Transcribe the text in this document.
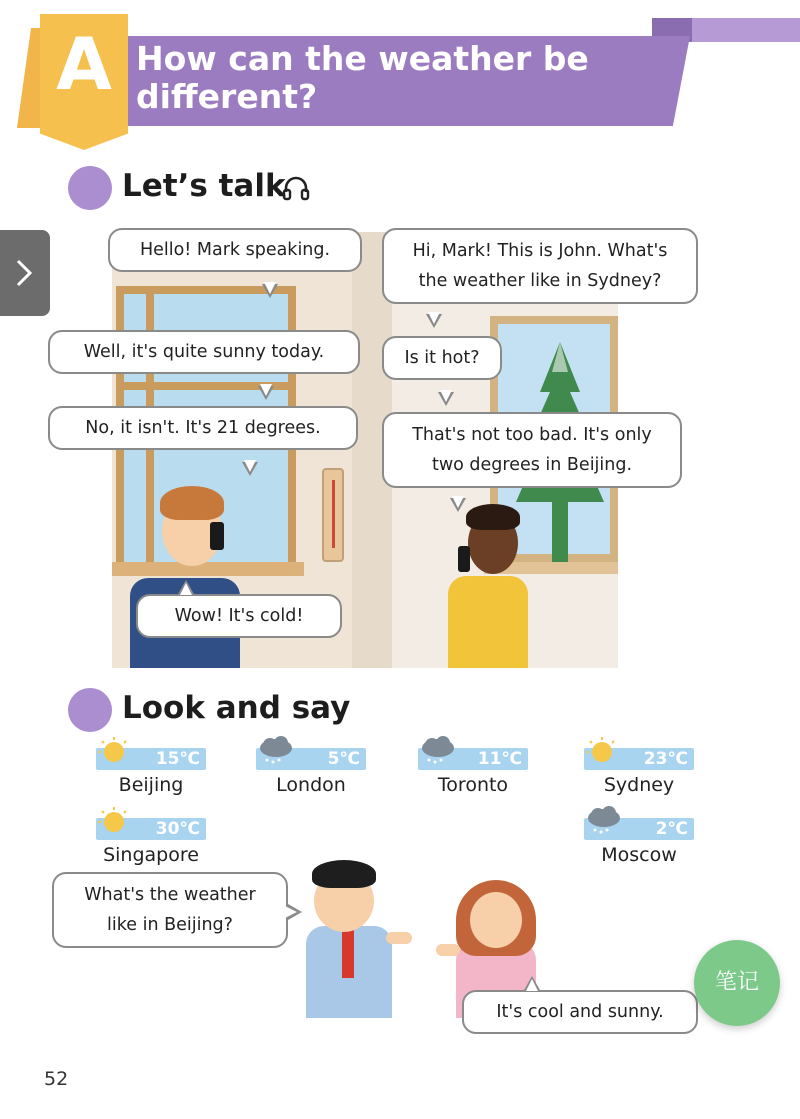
A How can the weather be
different?
Let’s talk
Hello! Mark speaking.	Hi, Mark! This is John. What's
the weather like in Sydney?
Well, it's quite sunny today.	Is it hot?
No, it isn't. It's 21 degrees.	That's not too bad. It's only
two degrees in Beijing.
Wow! It's cold!
Look and say
15℃
Beijing
5℃
London
11℃
Toronto
23℃
Sydney
30℃
Singapore
2℃
Moscow
What's the weather
like in Beijing?
It's cool and sunny.
笔记
52
